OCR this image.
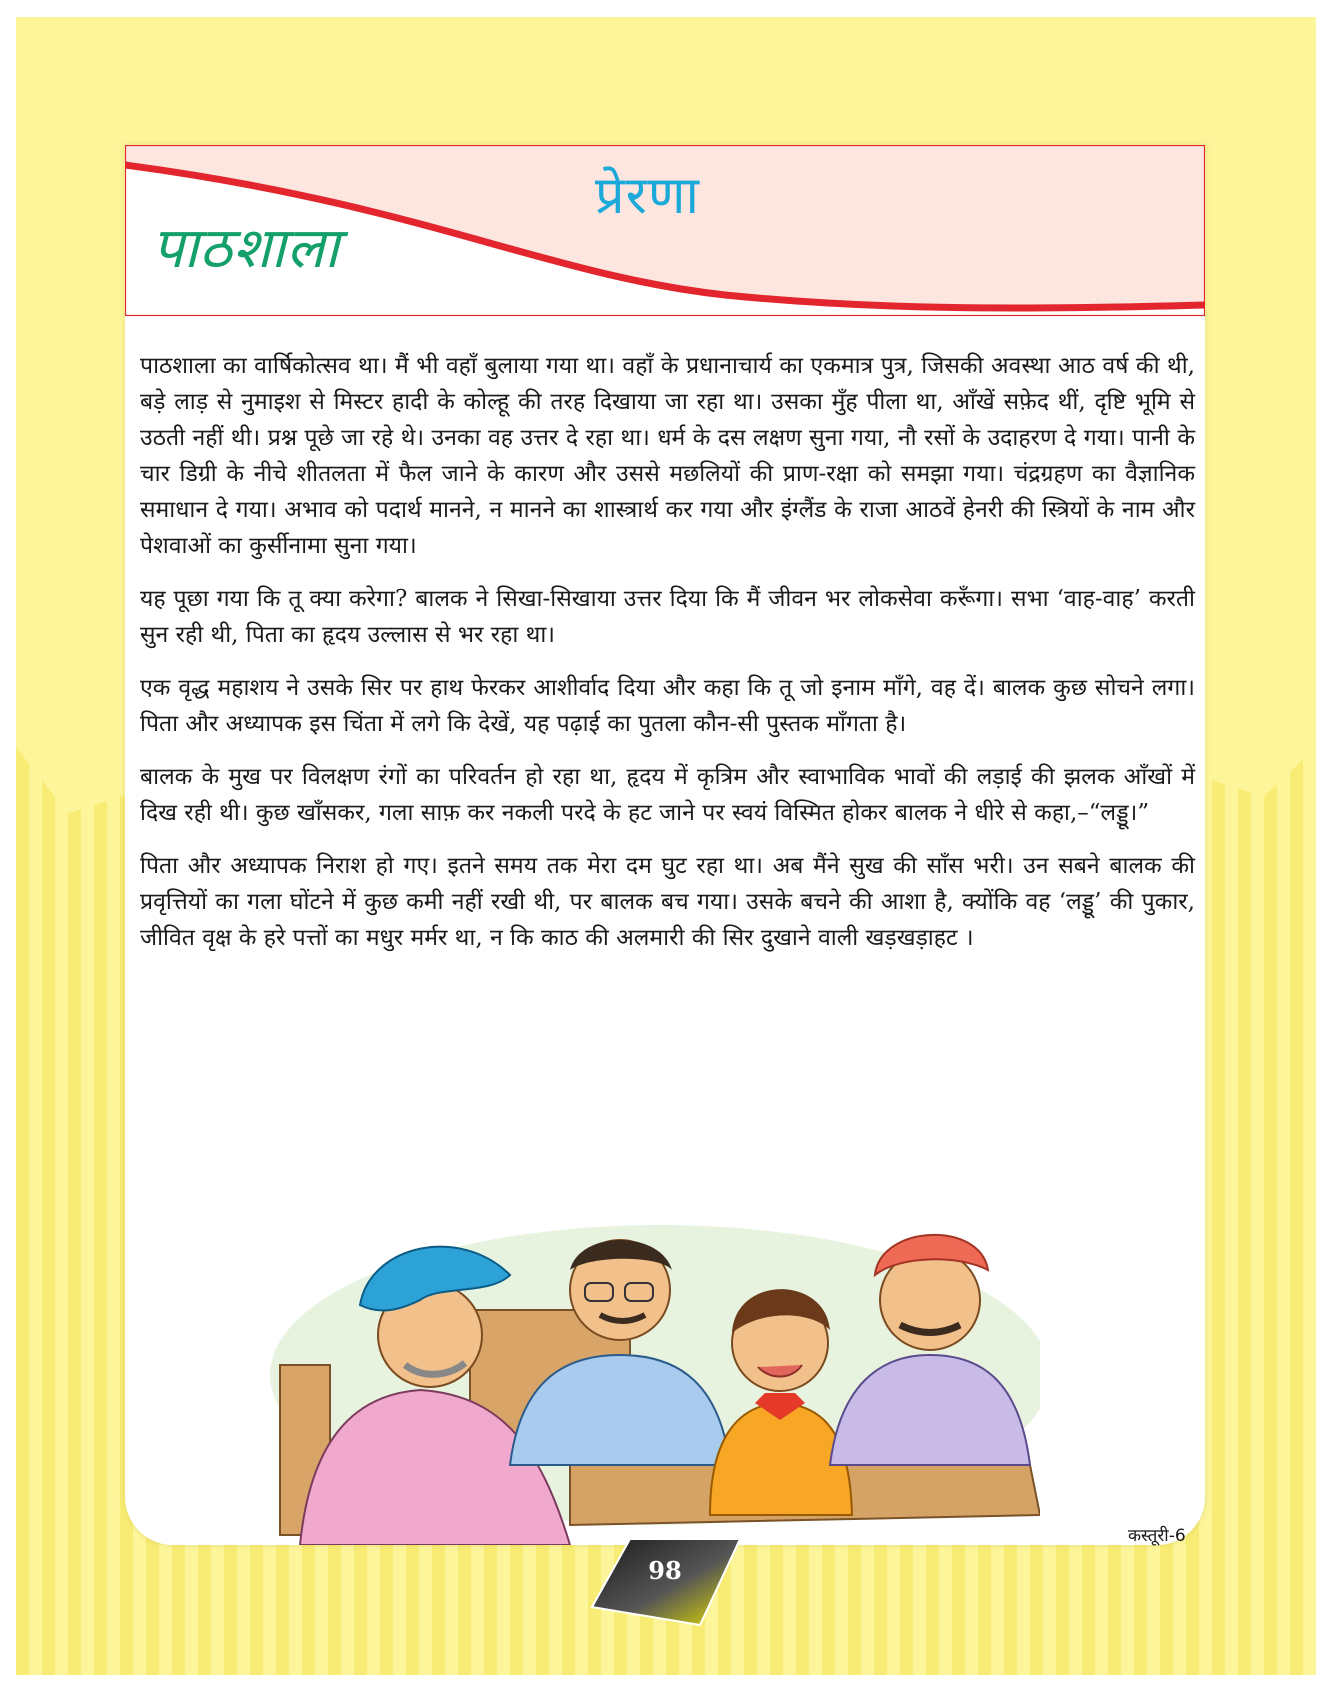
प्रेरणा
पाठशाला

पाठशाला का वार्षिकोत्सव था। मैं भी वहाँ बुलाया गया था। वहाँ के प्रधानाचार्य का एकमात्र पुत्र, जिसकी अवस्था आठ वर्ष की थी, बड़े लाड़ से नुमाइश से मिस्टर हादी के कोल्हू की तरह दिखाया जा रहा था। उसका मुँह पीला था, आँखें सफ़ेद थीं, दृष्टि भूमि से उठती नहीं थी। प्रश्न पूछे जा रहे थे। उनका वह उत्तर दे रहा था। धर्म के दस लक्षण सुना गया, नौ रसों के उदाहरण दे गया। पानी के चार डिग्री के नीचे शीतलता में फैल जाने के कारण और उससे मछलियों की प्राण-रक्षा को समझा गया। चंद्रग्रहण का वैज्ञानिक समाधान दे गया। अभाव को पदार्थ मानने, न मानने का शास्त्रार्थ कर गया और इंग्लैंड के राजा आठवें हेनरी की स्त्रियों के नाम और पेशवाओं का कुर्सीनामा सुना गया।

यह पूछा गया कि तू क्या करेगा? बालक ने सिखा-सिखाया उत्तर दिया कि मैं जीवन भर लोकसेवा करूँगा। सभा ‘वाह-वाह’ करती सुन रही थी, पिता का हृदय उल्लास से भर रहा था।

एक वृद्ध महाशय ने उसके सिर पर हाथ फेरकर आशीर्वाद दिया और कहा कि तू जो इनाम माँगे, वह दें। बालक कुछ सोचने लगा। पिता और अध्यापक इस चिंता में लगे कि देखें, यह पढ़ाई का पुतला कौन-सी पुस्तक माँगता है।

बालक के मुख पर विलक्षण रंगों का परिवर्तन हो रहा था, हृदय में कृत्रिम और स्वाभाविक भावों की लड़ाई की झलक आँखों में दिख रही थी। कुछ खाँसकर, गला साफ़ कर नकली परदे के हट जाने पर स्वयं विस्मित होकर बालक ने धीरे से कहा,–“लड्डू।”

पिता और अध्यापक निराश हो गए। इतने समय तक मेरा दम घुट रहा था। अब मैंने सुख की साँस भरी। उन सबने बालक की प्रवृत्तियों का गला घोंटने में कुछ कमी नहीं रखी थी, पर बालक बच गया। उसके बचने की आशा है, क्योंकि वह ‘लड्डू’ की पुकार, जीवित वृक्ष के हरे पत्तों का मधुर मर्मर था, न कि काठ की अलमारी की सिर दुखाने वाली खड़खड़ाहट ।

कस्तूरी-6
98
